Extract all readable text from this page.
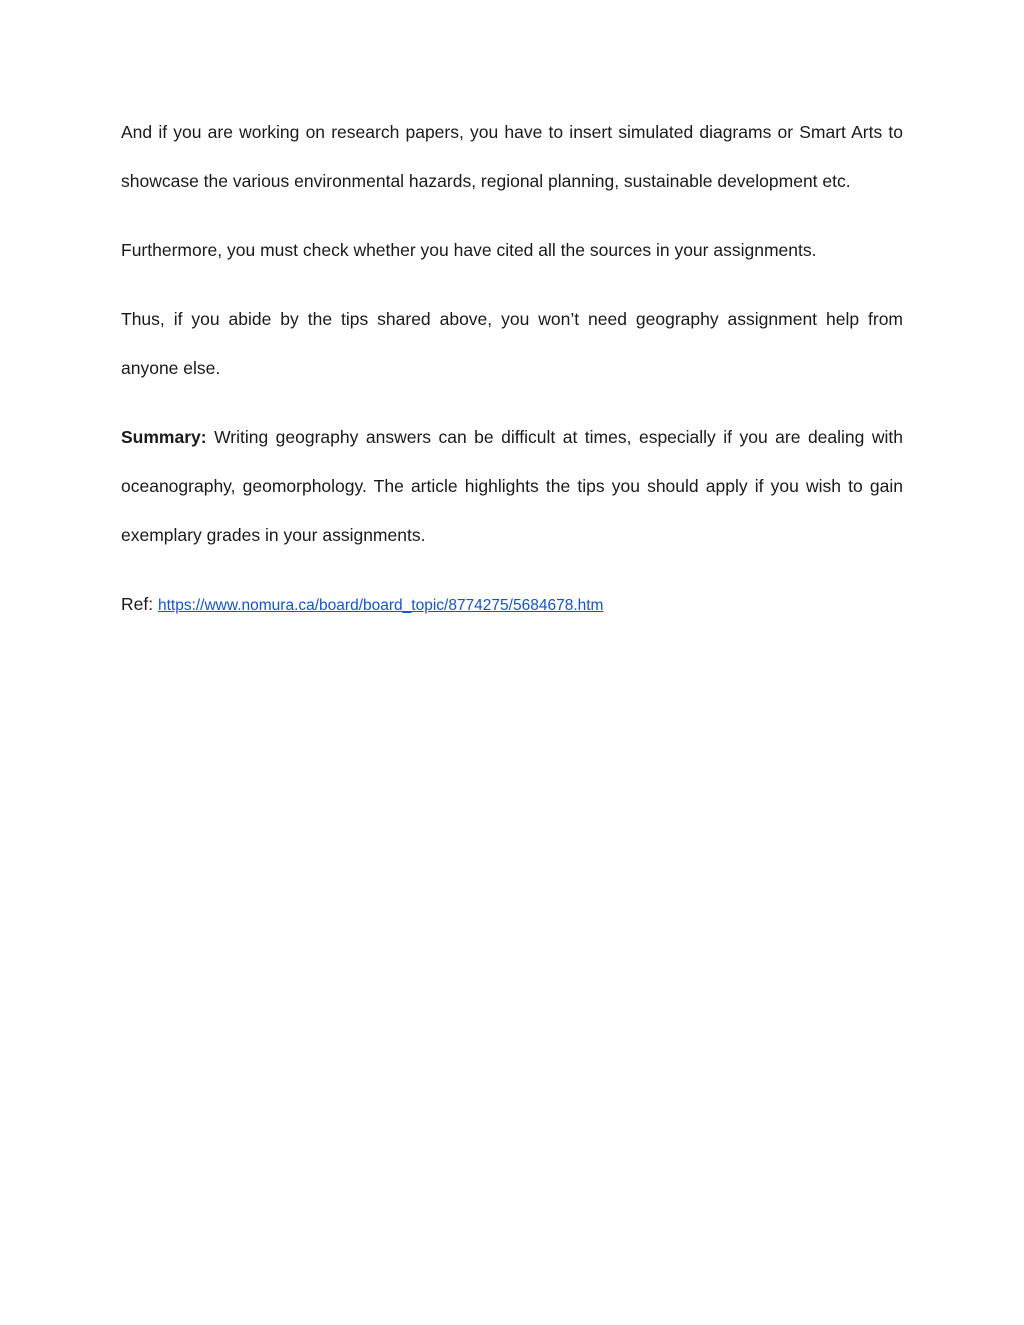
And if you are working on research papers, you have to insert simulated diagrams or Smart Arts to showcase the various environmental hazards, regional planning, sustainable development etc.

Furthermore, you must check whether you have cited all the sources in your assignments.

Thus, if you abide by the tips shared above, you won’t need geography assignment help from anyone else.

Summary: Writing geography answers can be difficult at times, especially if you are dealing with oceanography, geomorphology. The article highlights the tips you should apply if you wish to gain exemplary grades in your assignments.

Ref: https://www.nomura.ca/board/board_topic/8774275/5684678.htm
